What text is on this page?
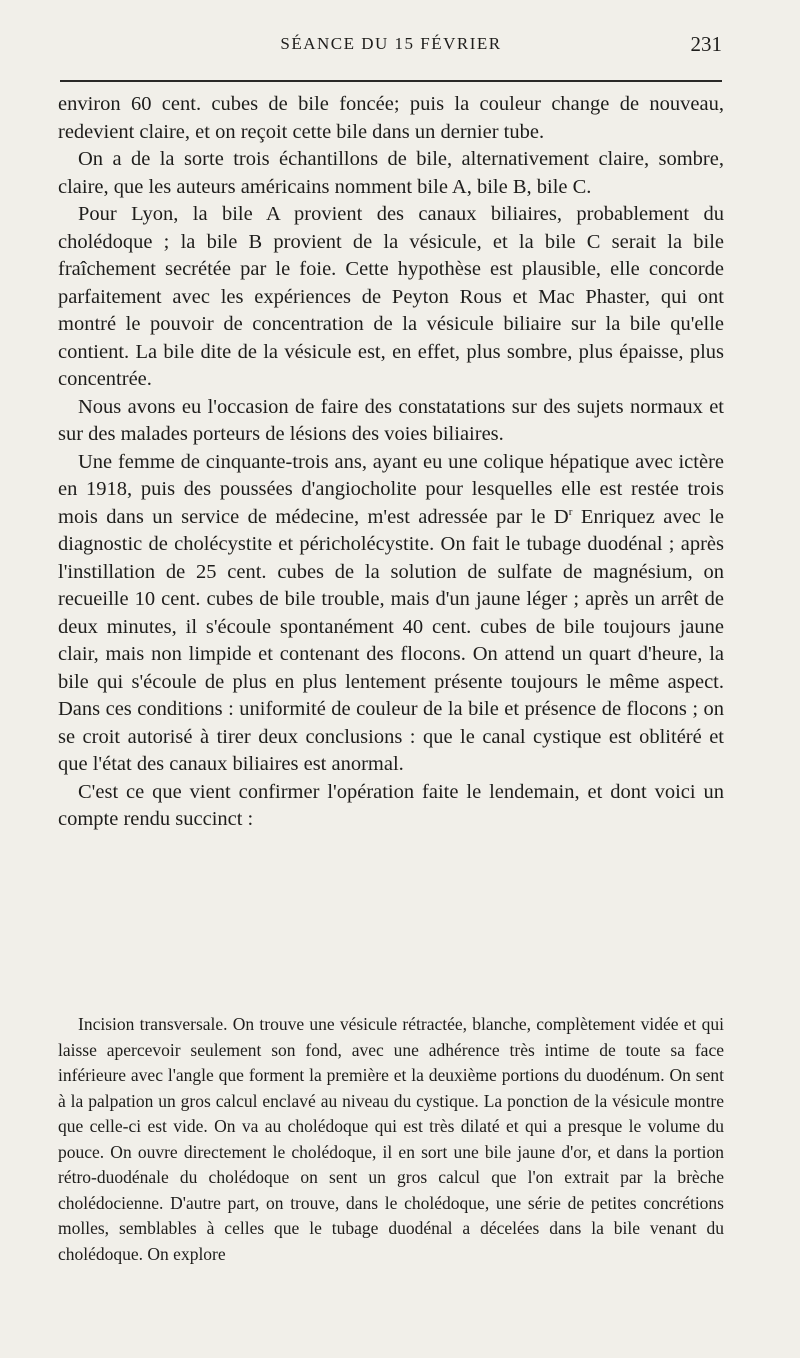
SÉANCE DU 15 FÉVRIER	231

environ 60 cent. cubes de bile foncée; puis la couleur change de nouveau, redevient claire, et on reçoit cette bile dans un dernier tube.

On a de la sorte trois échantillons de bile, alternativement claire, sombre, claire, que les auteurs américains nomment bile A, bile B, bile C.

Pour Lyon, la bile A provient des canaux biliaires, probablement du cholédoque ; la bile B provient de la vésicule, et la bile C serait la bile fraîchement secrétée par le foie. Cette hypothèse est plausible, elle concorde parfaitement avec les expériences de Peyton Rous et Mac Phaster, qui ont montré le pouvoir de concentration de la vésicule biliaire sur la bile qu'elle contient. La bile dite de la vésicule est, en effet, plus sombre, plus épaisse, plus concentrée.

Nous avons eu l'occasion de faire des constatations sur des sujets normaux et sur des malades porteurs de lésions des voies biliaires.

Une femme de cinquante-trois ans, ayant eu une colique hépatique avec ictère en 1918, puis des poussées d'angiocholite pour lesquelles elle est restée trois mois dans un service de médecine, m'est adressée par le $D^r$ Enriquez avec le diagnostic de cholécystite et péricholécystite. On fait le tubage duodénal ; après l'instillation de 25 cent. cubes de la solution de sulfate de magnésium, on recueille 10 cent. cubes de bile trouble, mais d'un jaune léger ; après un arrêt de deux minutes, il s'écoule spontanément 40 cent. cubes de bile toujours jaune clair, mais non limpide et contenant des flocons. On attend un quart d'heure, la bile qui s'écoule de plus en plus lentement présente toujours le même aspect. Dans ces conditions : uniformité de couleur de la bile et présence de flocons ; on se croit autorisé à tirer deux conclusions : que le canal cystique est oblitéré et que l'état des canaux biliaires est anormal.

C'est ce que vient confirmer l'opération faite le lendemain, et dont voici un compte rendu succinct :

Incision transversale. On trouve une vésicule rétractée, blanche, complètement vidée et qui laisse apercevoir seulement son fond, avec une adhérence très intime de toute sa face inférieure avec l'angle que forment la première et la deuxième portions du duodénum. On sent à la palpation un gros calcul enclavé au niveau du cystique. La ponction de la vésicule montre que celle-ci est vide. On va au cholédoque qui est très dilaté et qui a presque le volume du pouce. On ouvre directement le cholédoque, il en sort une bile jaune d'or, et dans la portion rétro-duodénale du cholédoque on sent un gros calcul que l'on extrait par la brèche cholédocienne. D'autre part, on trouve, dans le cholédoque, une série de petites concrétions molles, semblables à celles que le tubage duodénal a décelées dans la bile venant du cholédoque. On explore
